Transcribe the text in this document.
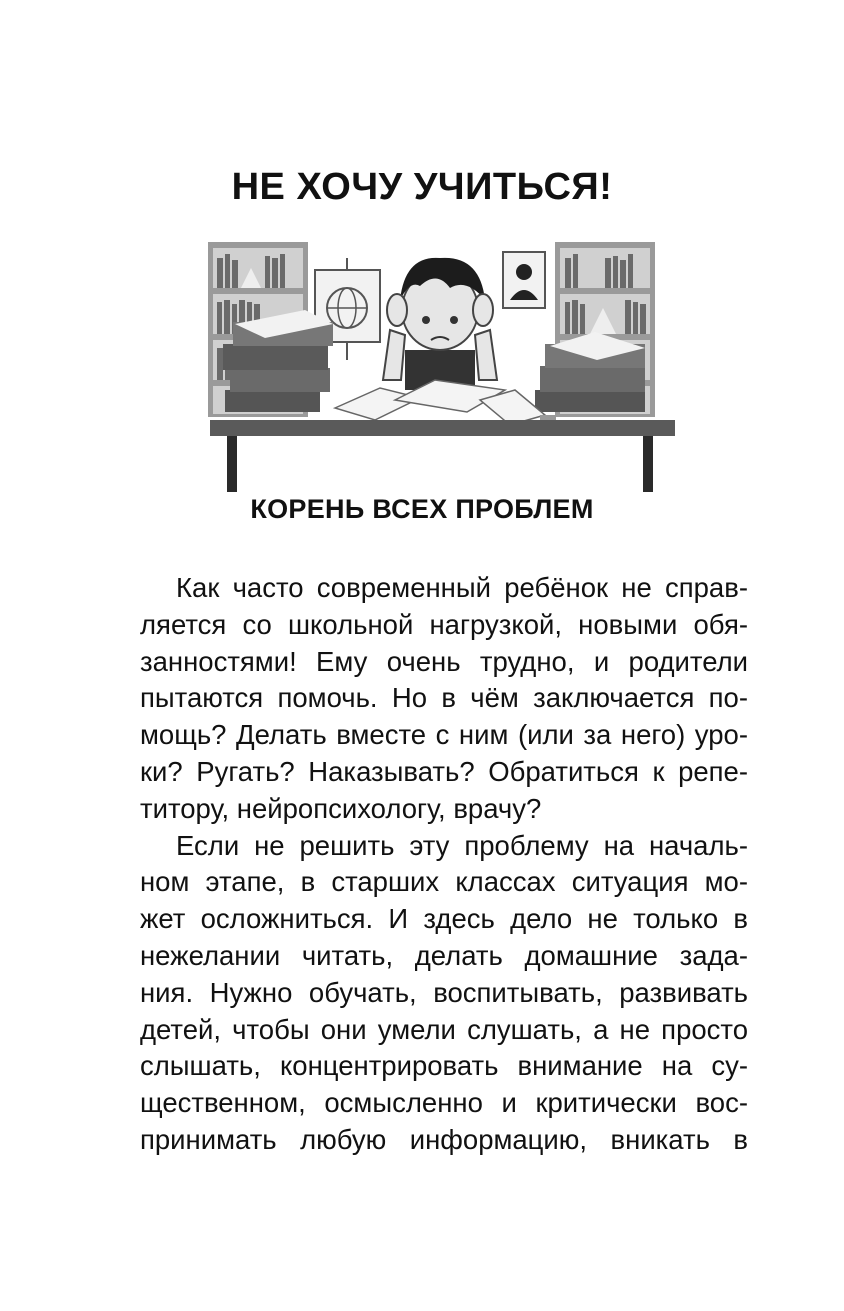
НЕ ХОЧУ УЧИТЬСЯ!
КОРЕНЬ ВСЕХ ПРОБЛЕМ
Как часто современный ребёнок не справ-
ляется со школьной нагрузкой, новыми обя-
занностями! Ему очень трудно, и родители
пытаются помочь. Но в чём заключается по-
мощь? Делать вместе с ним (или за него) уро-
ки? Ругать? Наказывать? Обратиться к репе-
титору, нейропсихологу, врачу?
Если не решить эту проблему на началь-
ном этапе, в старших классах ситуация мо-
жет осложниться. И здесь дело не только в
нежелании читать, делать домашние зада-
ния. Нужно обучать, воспитывать, развивать
детей, чтобы они умели слушать, а не просто
слышать, концентрировать внимание на су-
щественном, осмысленно и критически вос-
принимать любую информацию, вникать в
